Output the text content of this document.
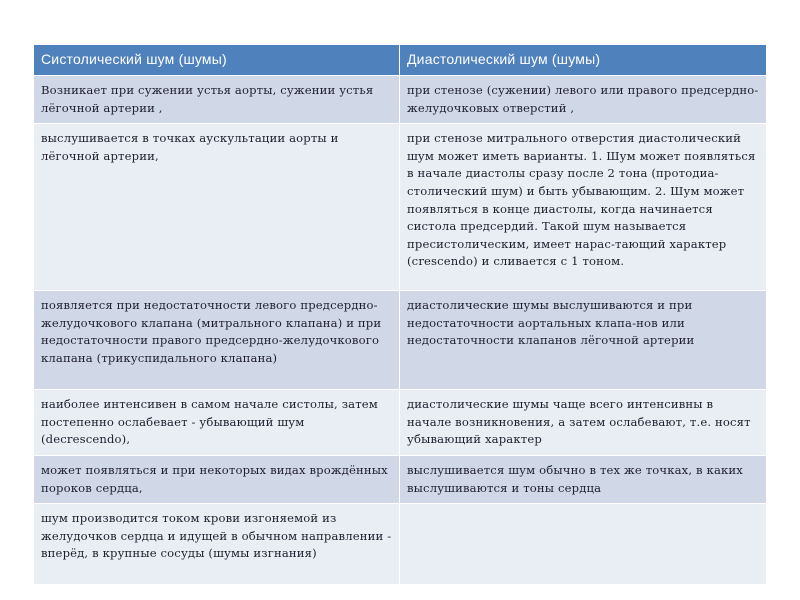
Систолический шум (шумы)	Диастолический шум (шумы)
Возникает при сужении устья аорты, сужении устья лёгочной артерии ,	при стенозе (сужении) левого или правого предсердно-желудочковых отверстий ,
выслушивается в точках аускультации аорты и лёгочной артерии,	при стенозе митрального отверстия диастолический шум может иметь варианты. 1. Шум может появляться в начале диастолы сразу после 2 тона (протодиа-столический шум) и быть убывающим. 2. Шум может появляться в конце диастолы, когда начинается систола предсердий. Такой шум называется пресистолическим, имеет нарас-тающий характер (crescendo) и сливается с 1 тоном.
появляется при недостаточности левого предсердно-желудочкового клапана (митрального клапана) и при недостаточности правого предсердно-желудочкового клапана (трикуспидального клапана)	диастолические шумы выслушиваются и при недостаточности аортальных клапа-нов или недостаточности клапанов лёгочной артерии
наиболее интенсивен в самом начале систолы, затем постепенно ослабевает - убывающий шум (decrescendo),	диастолические шумы чаще всего интенсивны в начале возникновения, а затем ослабевают, т.е. носят убывающий характер
может появляться и при некоторых видах врождённых пороков сердца,	выслушивается шум обычно в тех же точках, в каких выслушиваются и тоны сердца
шум производится током крови изгоняемой из желудочков сердца и идущей в обычном направлении - вперёд, в крупные сосуды (шумы изгнания)	
